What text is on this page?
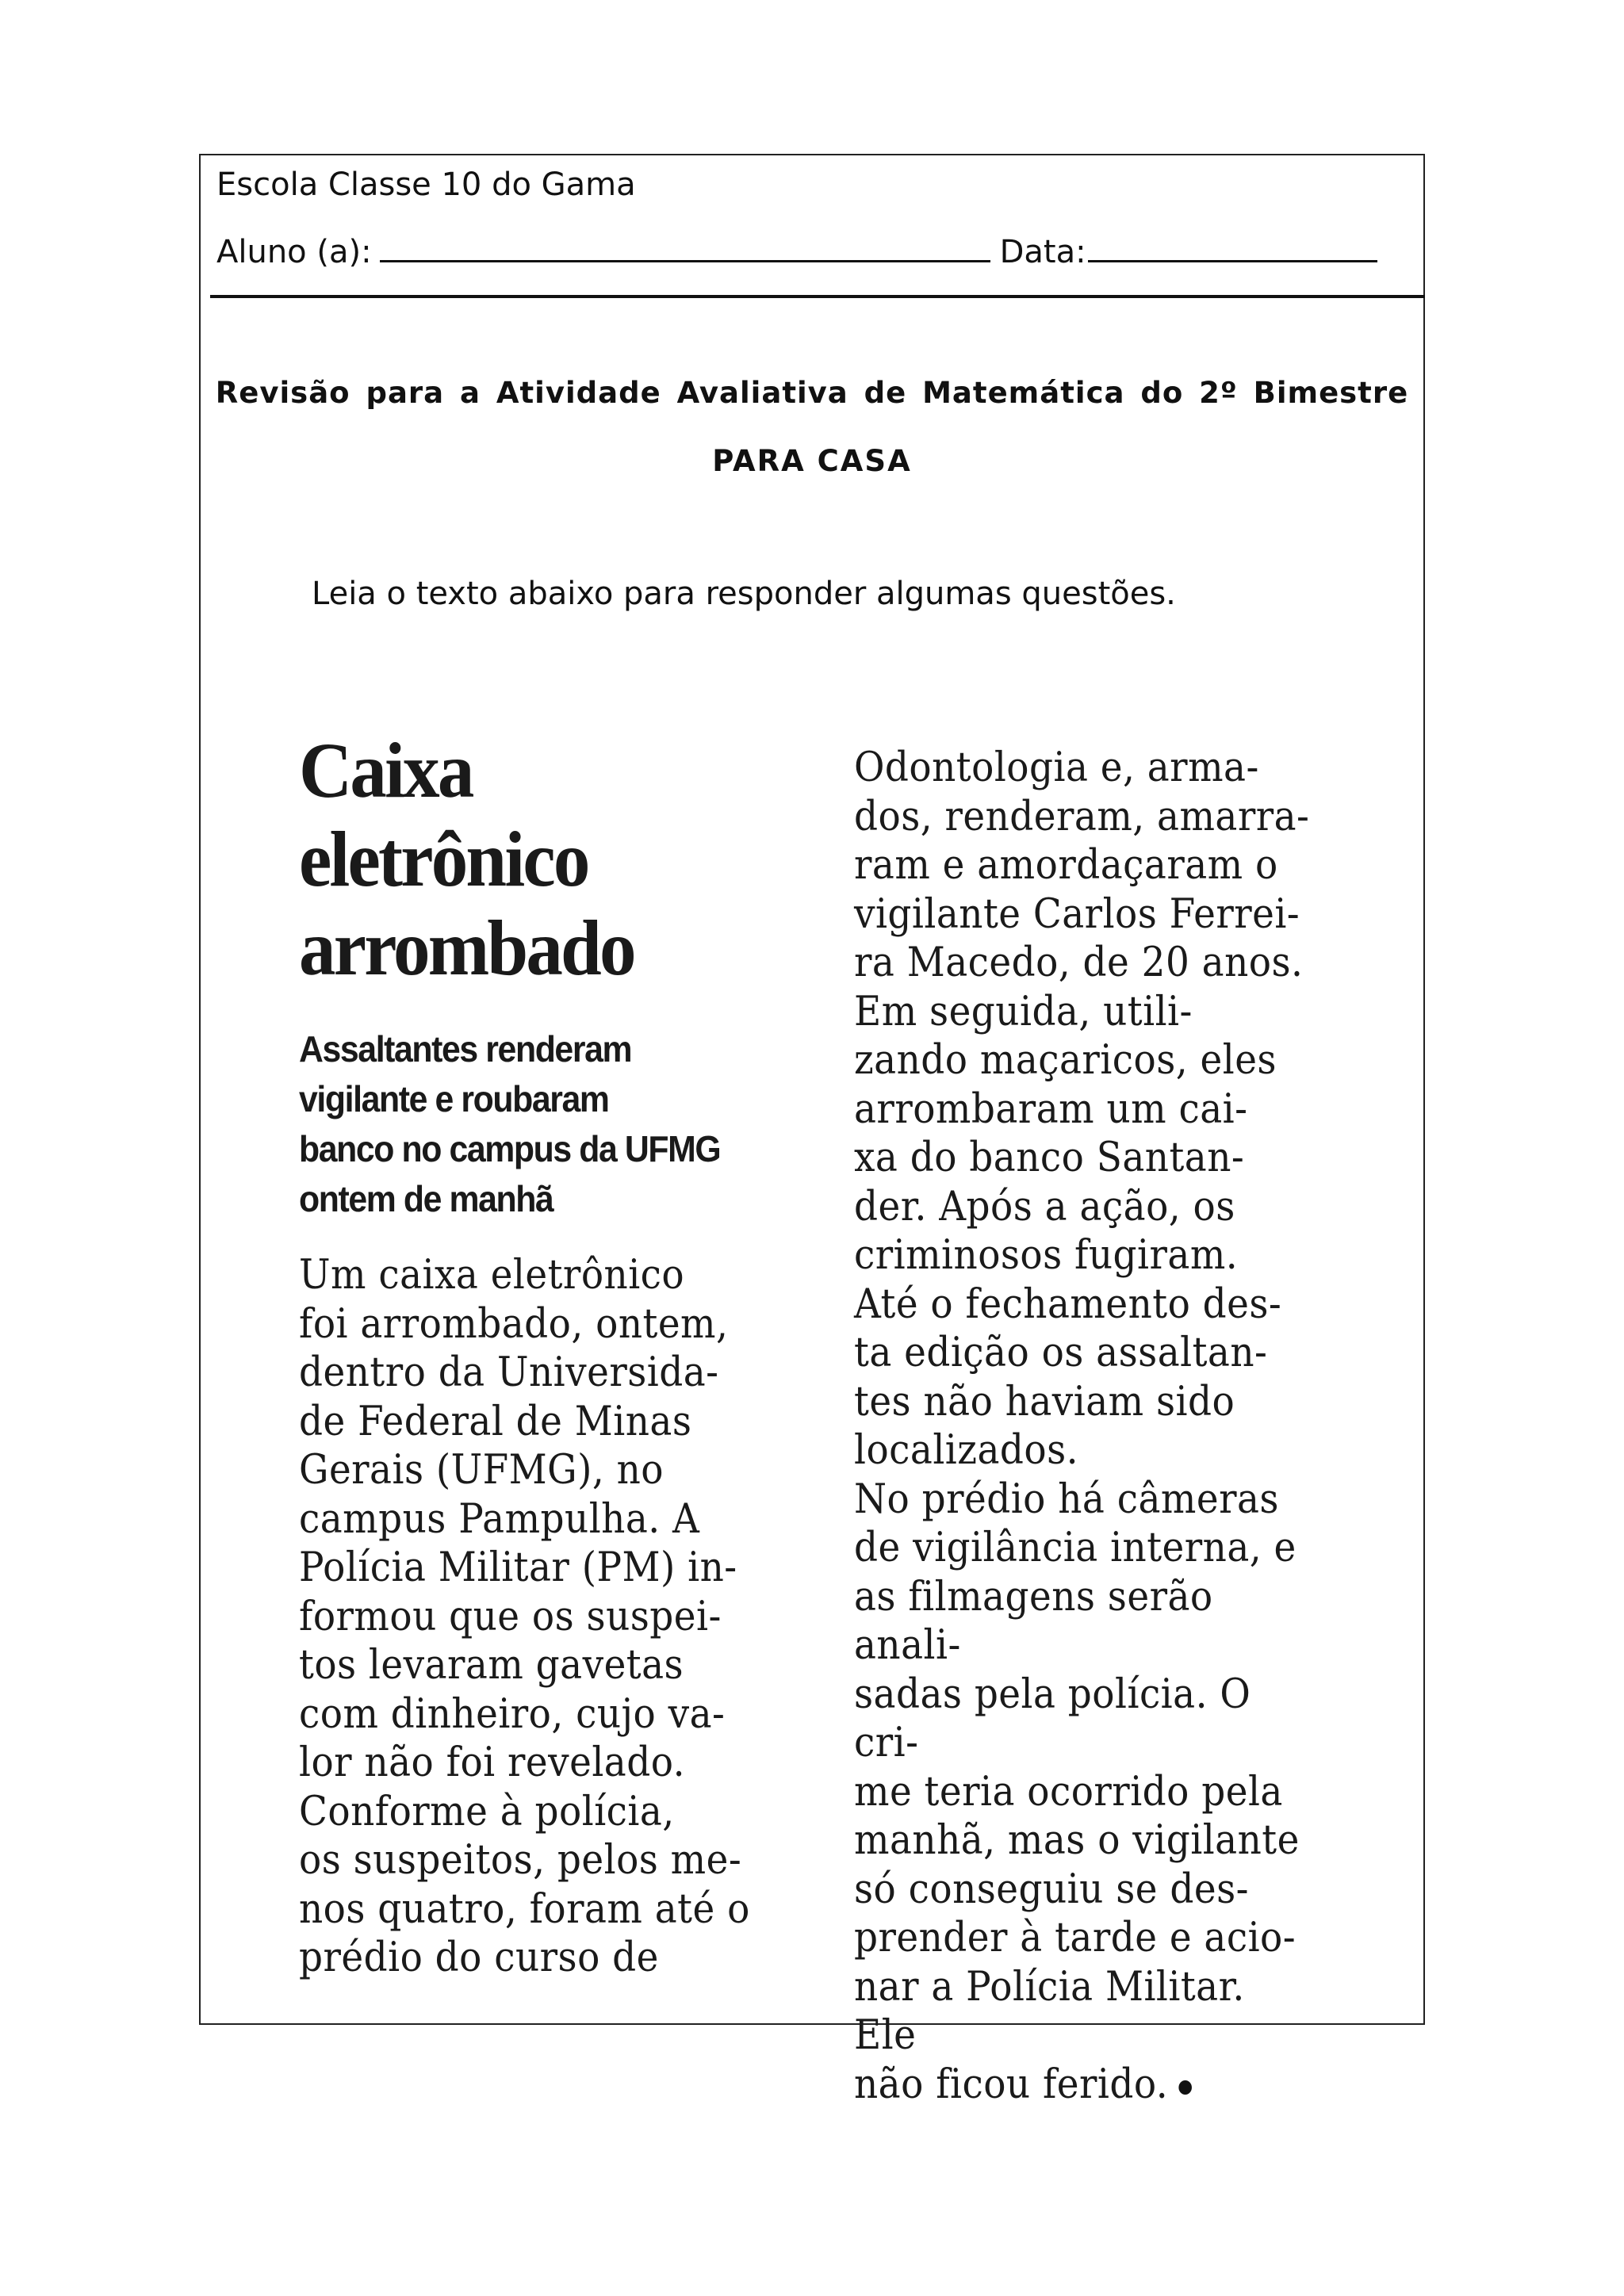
Escola Classe 10 do Gama
Aluno (a):	Data:
Revisão para a Atividade Avaliativa de Matemática do 2º Bimestre
PARA CASA
Leia o texto abaixo para responder algumas questões.
Caixa
eletrônico
arrombado
Assaltantes renderam
vigilante e roubaram
banco no campus da UFMG
ontem de manhã
Um caixa eletrônico
foi arrombado, ontem,
dentro da Universida-
de Federal de Minas
Gerais (UFMG), no
campus Pampulha. A
Polícia Militar (PM) in-
formou que os suspei-
tos levaram gavetas
com dinheiro, cujo va-
lor não foi revelado.
Conforme à polícia,
os suspeitos, pelos me-
nos quatro, foram até o
prédio do curso de
Odontologia e, arma-
dos, renderam, amarra-
ram e amordaçaram o
vigilante Carlos Ferrei-
ra Macedo, de 20 anos.
Em seguida, utili-
zando maçaricos, eles
arrombaram um cai-
xa do banco Santan-
der. Após a ação, os
criminosos fugiram.
Até o fechamento des-
ta edição os assaltan-
tes não haviam sido
localizados.
No prédio há câmeras
de vigilância interna, e
as filmagens serão anali-
sadas pela polícia. O cri-
me teria ocorrido pela
manhã, mas o vigilante
só conseguiu se des-
prender à tarde e acio-
nar a Polícia Militar. Ele
não ficou ferido.
